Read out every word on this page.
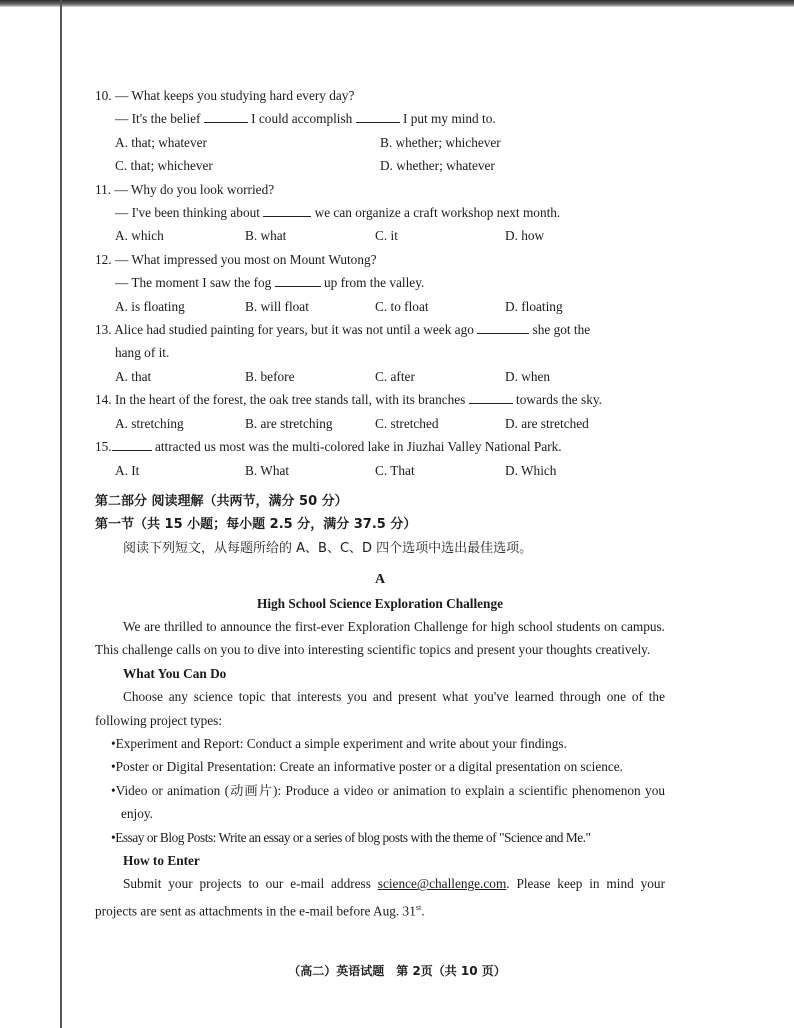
10. — What keeps you studying hard every day?
— It's the belief	I could accomplish	I put my mind to.
A. that; whatever	B. whether; whichever
C. that; whichever	D. whether; whatever
11. — Why do you look worried?
— I've been thinking about	we can organize a craft workshop next month.
A. which	B. what	C. it	D. how
12. — What impressed you most on Mount Wutong?
— The moment I saw the fog	up from the valley.
A. is floating	B. will float	C. to float	D. floating
13. Alice had studied painting for years, but it was not until a week ago	she got the
hang of it.
A. that	B. before	C. after	D. when
14. In the heart of the forest, the oak tree stands tall, with its branches	towards the sky.
A. stretching	B. are stretching	C. stretched	D. are stretched
15.	attracted us most was the multi-colored lake in Jiuzhai Valley National Park.
A. It	B. What	C. That	D. Which
第二部分 阅读理解（共两节，满分 50 分）
第一节（共 15 小题；每小题 2.5 分，满分 37.5 分）
阅读下列短文，从每题所给的 A、B、C、D 四个选项中选出最佳选项。
A
High School Science Exploration Challenge
We are thrilled to announce the first-ever Exploration Challenge for high school students on campus. This challenge calls on you to dive into interesting scientific topics and present your thoughts creatively.
What You Can Do
Choose any science topic that interests you and present what you've learned through one of the following project types:
•Experiment and Report: Conduct a simple experiment and write about your findings.
•Poster or Digital Presentation: Create an informative poster or a digital presentation on science.
•Video or animation (动画片): Produce a video or animation to explain a scientific phenomenon you enjoy.
•Essay or Blog Posts: Write an essay or a series of blog posts with the theme of "Science and Me."
How to Enter
Submit your projects to our e-mail address science@challenge.com. Please keep in mind your projects are sent as attachments in the e-mail before Aug. 31st.
（高二）英语试题　第 2页（共 10 页）
